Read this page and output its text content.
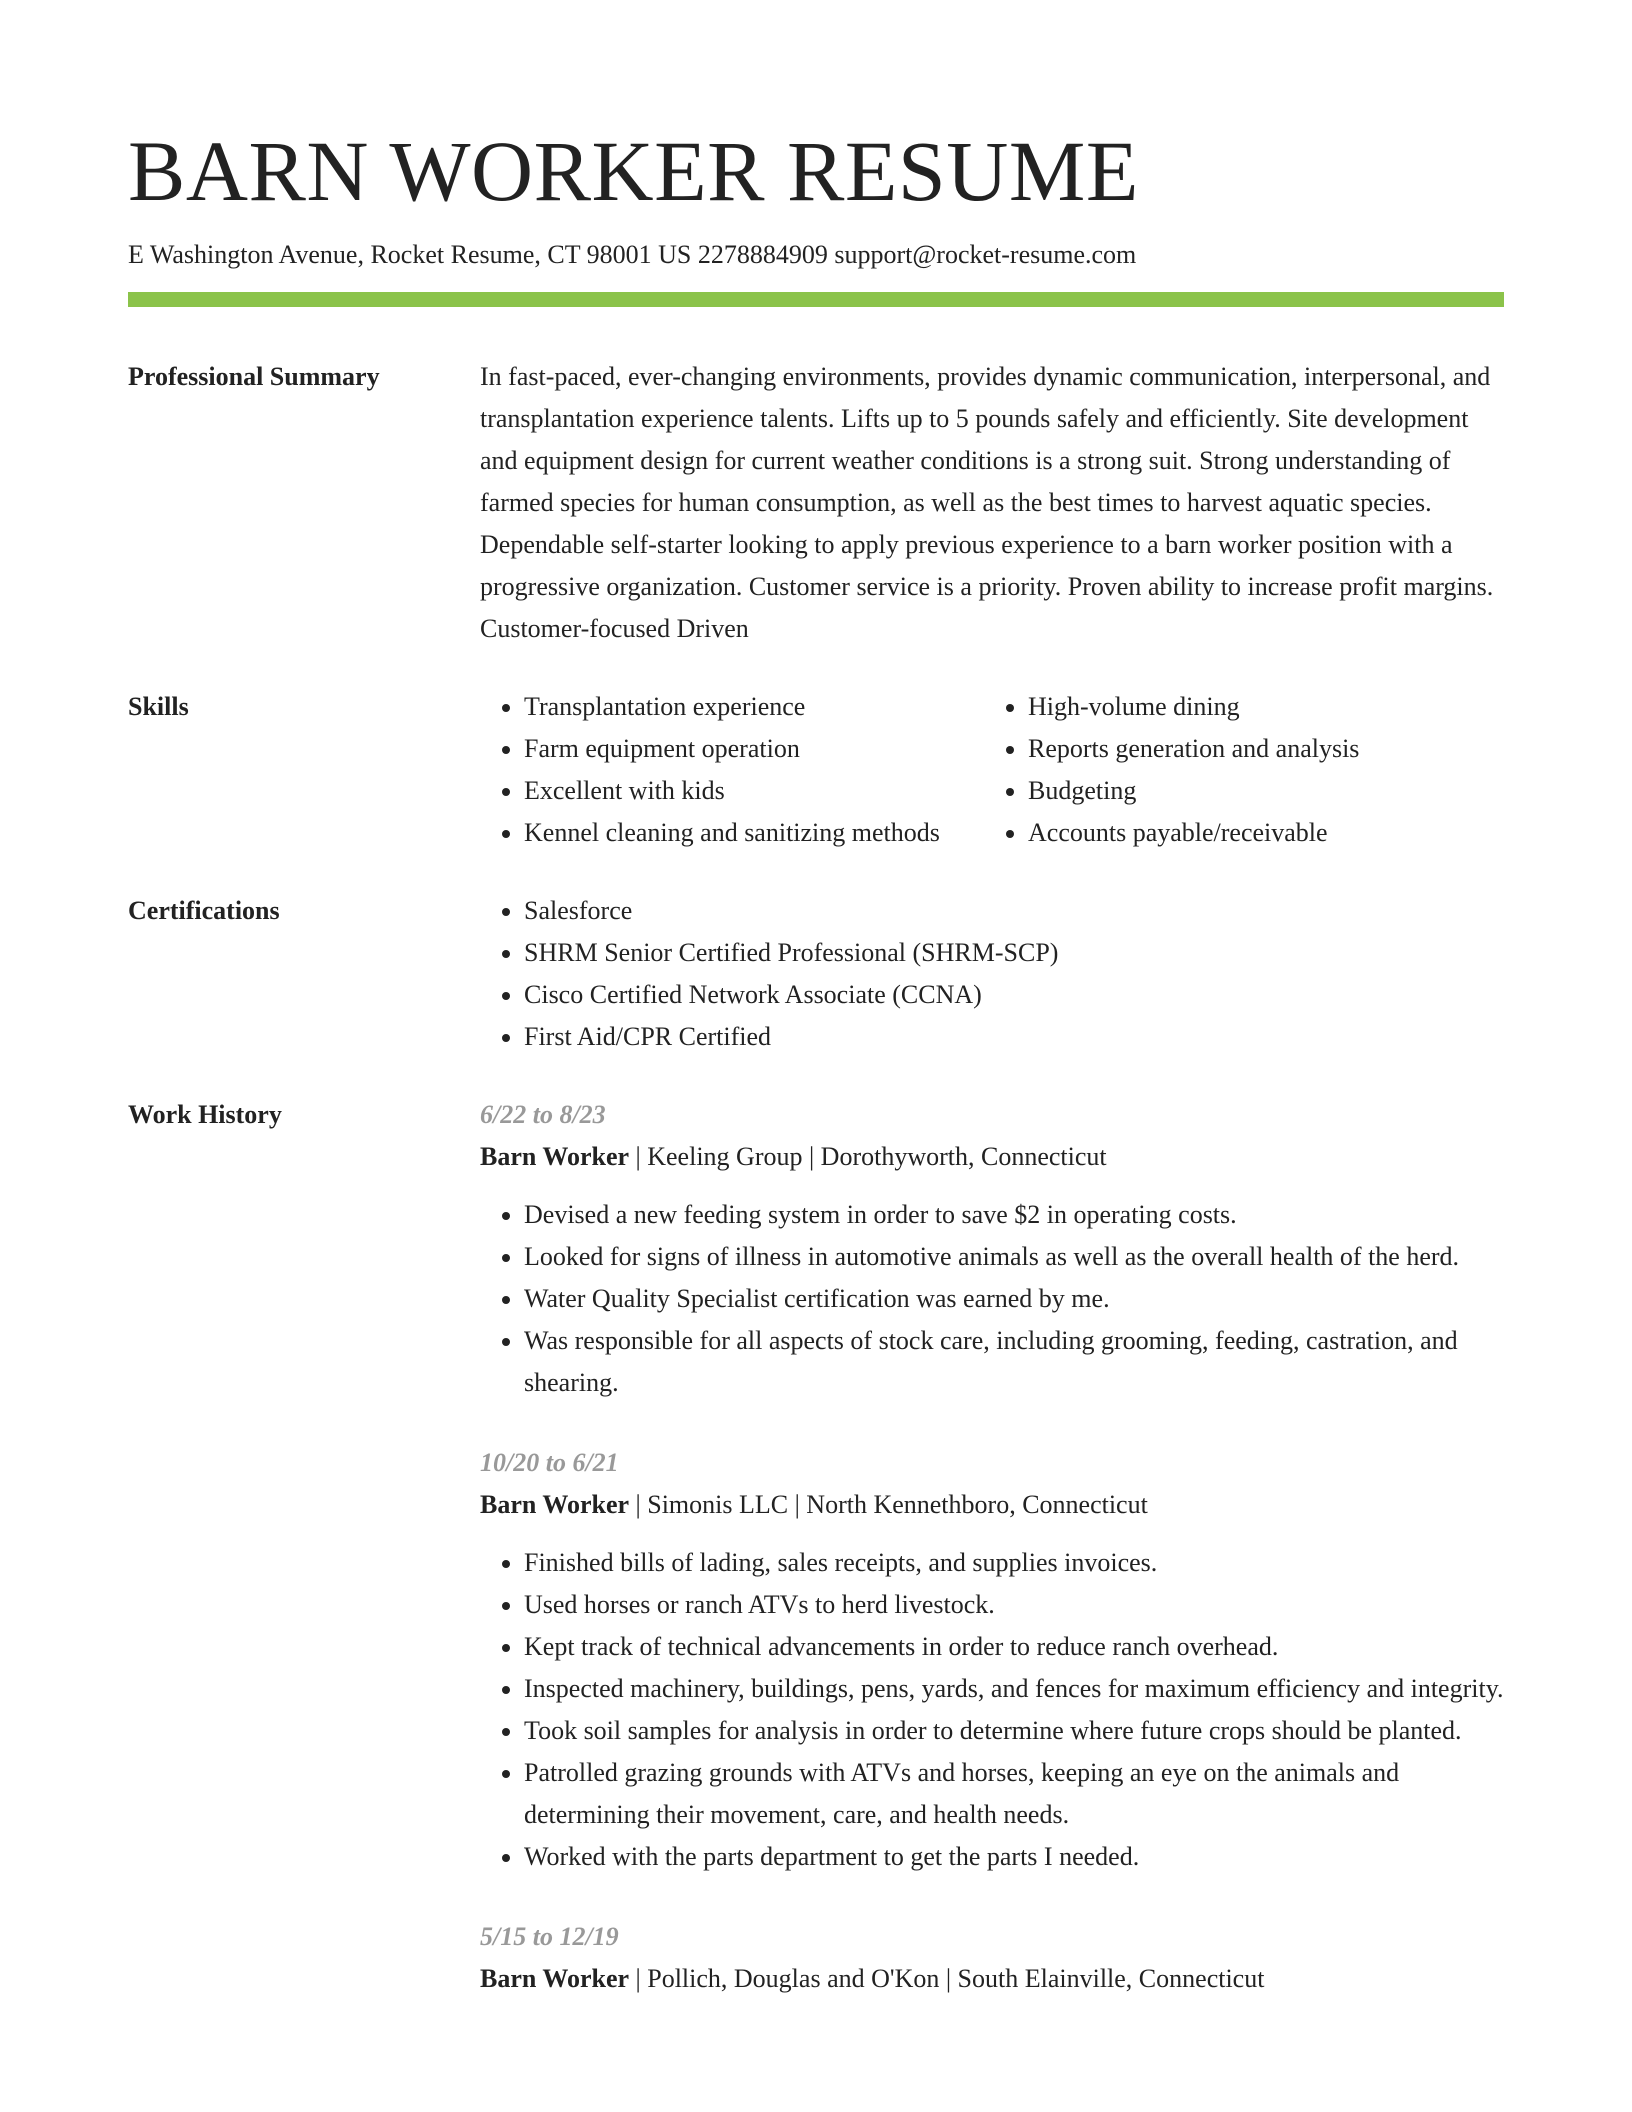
BARN WORKER RESUME
E Washington Avenue, Rocket Resume, CT 98001 US 2278884909 support@rocket-resume.com
Professional Summary	In fast-paced, ever-changing environments, provides dynamic communication, interpersonal, and transplantation experience talents. Lifts up to 5 pounds safely and efficiently. Site development and equipment design for current weather conditions is a strong suit. Strong understanding of farmed species for human consumption, as well as the best times to harvest aquatic species. Dependable self-starter looking to apply previous experience to a barn worker position with a progressive organization. Customer service is a priority. Proven ability to increase profit margins. Customer-focused Driven

Skills	• Transplantation experience
• Farm equipment operation
• Excellent with kids
• Kennel cleaning and sanitizing methods
• High-volume dining
• Reports generation and analysis
• Budgeting
• Accounts payable/receivable
Certifications	• Salesforce
• SHRM Senior Certified Professional (SHRM-SCP)
• Cisco Certified Network Associate (CCNA)
• First Aid/CPR Certified
Work History	6/22 to 8/23
Barn Worker | Keeling Group | Dorothyworth, Connecticut
• Devised a new feeding system in order to save $2 in operating costs.
• Looked for signs of illness in automotive animals as well as the overall health of the herd.
• Water Quality Specialist certification was earned by me.
• Was responsible for all aspects of stock care, including grooming, feeding, castration, and shearing.
10/20 to 6/21
Barn Worker | Simonis LLC | North Kennethboro, Connecticut
• Finished bills of lading, sales receipts, and supplies invoices.
• Used horses or ranch ATVs to herd livestock.
• Kept track of technical advancements in order to reduce ranch overhead.
• Inspected machinery, buildings, pens, yards, and fences for maximum efficiency and integrity.
• Took soil samples for analysis in order to determine where future crops should be planted.
• Patrolled grazing grounds with ATVs and horses, keeping an eye on the animals and determining their movement, care, and health needs.
• Worked with the parts department to get the parts I needed.
5/15 to 12/19
Barn Worker | Pollich, Douglas and O'Kon | South Elainville, Connecticut
